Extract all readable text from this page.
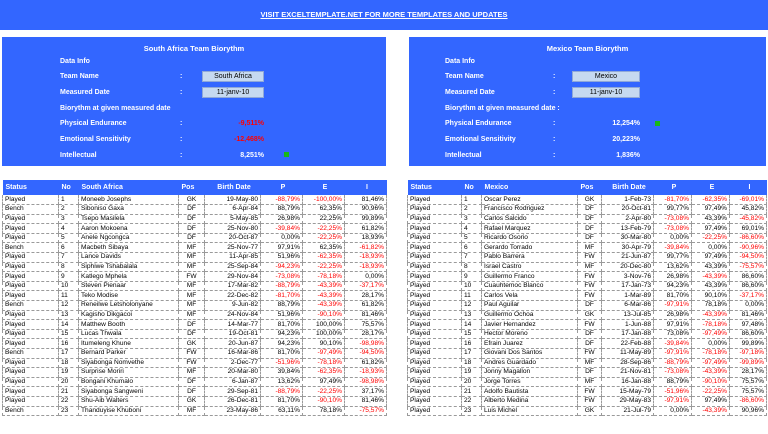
VISIT EXCELTEMPLATE.NET FOR MORE TEMPLATES AND UPDATES
South Africa Team Biorythm
Data Info
Team Name	:	South Africa
Measured Date	:	11-janv-10
Biorythm at given measured date
Physical Endurance	:	-9,511%
Emotional Sensitivity	:	-12,468%
Intellectual	:	8,251%
Mexico Team Biorythm
Data Info
Team Name	:	Mexico
Measured Date	:	11-janv-10
Biorythm at given measured date :
Physical Endurance	:	12,254%
Emotional Sensitivity	:	20,223%
Intellectual	:	1,836%
Status	No	South Africa	Pos	Birth Date	P	E	I
Played	1	Moneeb Josephs	GK	19-May-80	-88,79%	-100,00%	81,46%
Bench	2	Siboniso Gaxa	DF	6-Apr-84	88,79%	62,35%	90,96%
Played	3	Tsepo Masilela	DF	5-May-85	26,98%	22,25%	99,89%
Played	4	Aaron Mokoena	DF	25-Nov-80	-39,84%	-22,25%	61,82%
Played	5	Anele Ngcongca	DF	20-Oct-87	0,00%	-22,25%	18,93%
Bench	6	Macbeth Sibaya	MF	25-Nov-77	97,91%	62,35%	-61,82%
Played	7	Lance Davids	MF	11-Apr-85	51,96%	-62,35%	-18,93%
Played	8	Siphiwe Tshabalala	MF	25-Sep-84	-94,23%	-22,25%	-18,93%
Played	9	Katlego Mphela	FW	29-Nov-84	-73,08%	-78,18%	0,00%
Played	10	Steven Pienaar	MF	17-Mar-82	-88,79%	-43,39%	-37,17%
Played	11	Teko Modise	MF	22-Dec-82	-81,70%	-43,39%	28,17%
Bench	12	Reneilwe Letsholonyane	MF	9-Jun-82	88,79%	-43,39%	61,82%
Played	13	Kagisho Dikgacoi	MF	24-Nov-84	51,96%	-90,10%	81,46%
Played	14	Matthew Booth	DF	14-Mar-77	81,70%	100,00%	75,57%
Played	15	Lucas Thwala	DF	19-Oct-81	94,23%	100,00%	28,17%
Played	16	Itumeleng Khune	GK	20-Jun-87	94,23%	90,10%	-98,98%
Bench	17	Bernard Parker	FW	16-Mar-86	81,70%	-97,49%	-94,50%
Played	18	Siyabonga Nomvethe	FW	2-Dec-77	-51,96%	-78,18%	61,82%
Played	19	Surprise Moriri	MF	20-Mar-80	39,84%	-62,35%	-18,93%
Played	20	Bongani Khumalo	DF	6-Jan-87	13,62%	97,49%	-98,98%
Played	21	Siyabonga Sangweni	DF	29-Sep-81	-88,79%	-22,25%	37,17%
Played	22	Shu-Aib Walters	GK	26-Dec-81	81,70%	-90,10%	81,46%
Bench	23	Thanduyise Khuboni	MF	23-May-86	63,11%	78,18%	-75,57%
Status	No	Mexico	Pos	Birth Date	P	E	I
Played	1	Oscar Perez	GK	1-Feb-73	-81,70%	-62,35%	-69,01%
Played	2	Francisco Rodriguez	DF	20-Oct-81	99,77%	97,49%	45,82%
Played	3	Carlos Salcido	DF	2-Apr-80	-73,08%	43,39%	-45,82%
Played	4	Rafael Marquez	DF	13-Feb-79	-73,08%	97,49%	69,01%
Played	5	Ricardo Osorio	DF	30-Mar-80	0,00%	-22,25%	-86,60%
Played	6	Gerardo Torrado	MF	30-Apr-79	-39,84%	0,00%	-90,96%
Played	7	Pablo Barrera	FW	21-Jun-87	99,77%	97,49%	-94,50%
Played	8	Israel Castro	MF	20-Dec-80	13,62%	43,39%	-75,57%
Played	9	Guillermo Franco	FW	3-Nov-76	26,98%	-43,39%	86,60%
Played	10	Cuauhtemoc Blanco	FW	17-Jan-73	94,23%	43,39%	86,60%
Played	11	Carlos Vela	FW	1-Mar-89	81,70%	90,10%	-37,17%
Played	12	Paul Aguilar	DF	6-Mar-86	-97,91%	78,18%	0,00%
Played	13	Guillermo Ochoa	GK	13-Jul-85	26,98%	-43,39%	81,46%
Played	14	Javier Hernandez	FW	1-Jun-88	97,91%	-78,18%	97,48%
Played	15	Hector Moreno	DF	17-Jan-88	73,08%	-97,49%	86,60%
Played	16	Efrain Juarez	DF	22-Feb-88	-39,84%	0,00%	99,89%
Played	17	Giovani Dos Santos	FW	11-May-89	-97,91%	-78,18%	-97,18%
Played	18	Andres Guardado	MF	28-Sep-86	-88,79%	-97,49%	-99,89%
Played	19	Jonny Magallon	DF	21-Nov-81	-73,08%	-43,39%	28,17%
Played	20	Jorge Torres	MF	16-Jan-88	88,79%	-90,10%	75,57%
Played	21	Adolfo Bautista	FW	15-May-79	-51,96%	-22,25%	75,57%
Played	22	Alberto Medina	FW	29-May-83	-97,91%	97,49%	-86,60%
Played	23	Luis Michel	GK	21-Jul-79	0,00%	-43,39%	90,96%
